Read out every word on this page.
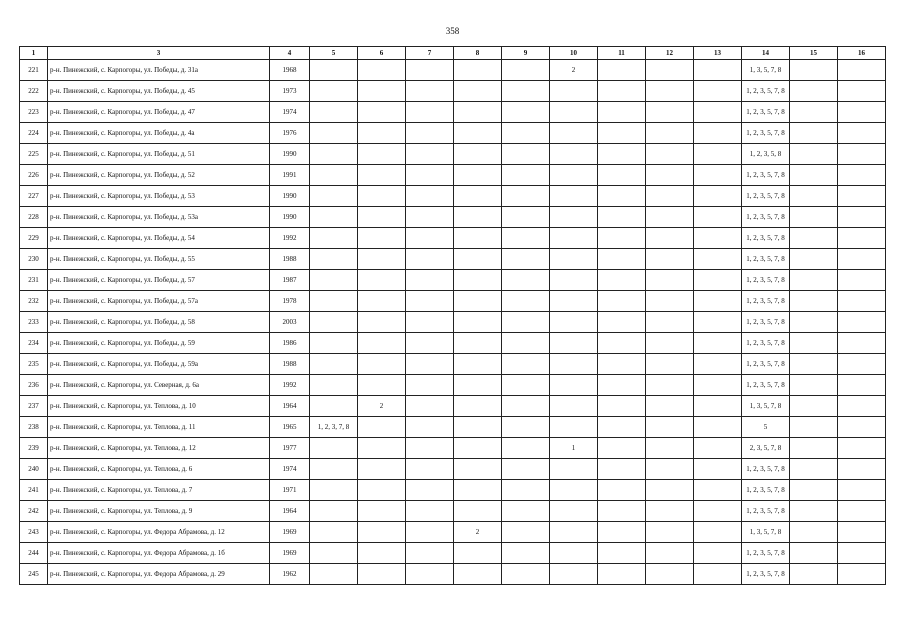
358
1	3	4	5	6	7	8	9	10	11	12	13	14	15	16
221	р-н. Пинежский, с. Карпогоры, ул. Победы, д. 31а	1968						2				1, 3, 5, 7, 8		
222	р-н. Пинежский, с. Карпогоры, ул. Победы, д. 45	1973										1, 2, 3, 5, 7, 8		
223	р-н. Пинежский, с. Карпогоры, ул. Победы, д. 47	1974										1, 2, 3, 5, 7, 8		
224	р-н. Пинежский, с. Карпогоры, ул. Победы, д. 4а	1976										1, 2, 3, 5, 7, 8		
225	р-н. Пинежский, с. Карпогоры, ул. Победы, д. 51	1990										1, 2, 3, 5, 8		
226	р-н. Пинежский, с. Карпогоры, ул. Победы, д. 52	1991										1, 2, 3, 5, 7, 8		
227	р-н. Пинежский, с. Карпогоры, ул. Победы, д. 53	1990										1, 2, 3, 5, 7, 8		
228	р-н. Пинежский, с. Карпогоры, ул. Победы, д. 53а	1990										1, 2, 3, 5, 7, 8		
229	р-н. Пинежский, с. Карпогоры, ул. Победы, д. 54	1992										1, 2, 3, 5, 7, 8		
230	р-н. Пинежский, с. Карпогоры, ул. Победы, д. 55	1988										1, 2, 3, 5, 7, 8		
231	р-н. Пинежский, с. Карпогоры, ул. Победы, д. 57	1987										1, 2, 3, 5, 7, 8		
232	р-н. Пинежский, с. Карпогоры, ул. Победы, д. 57а	1978										1, 2, 3, 5, 7, 8		
233	р-н. Пинежский, с. Карпогоры, ул. Победы, д. 58	2003										1, 2, 3, 5, 7, 8		
234	р-н. Пинежский, с. Карпогоры, ул. Победы, д. 59	1986										1, 2, 3, 5, 7, 8		
235	р-н. Пинежский, с. Карпогоры, ул. Победы, д. 59а	1988										1, 2, 3, 5, 7, 8		
236	р-н. Пинежский, с. Карпогоры, ул. Северная, д. 6а	1992										1, 2, 3, 5, 7, 8		
237	р-н. Пинежский, с. Карпогоры, ул. Теплова, д. 10	1964		2								1, 3, 5, 7, 8		
238	р-н. Пинежский, с. Карпогоры, ул. Теплова, д. 11	1965	1, 2, 3, 7, 8									5		
239	р-н. Пинежский, с. Карпогоры, ул. Теплова, д. 12	1977						1				2, 3, 5, 7, 8		
240	р-н. Пинежский, с. Карпогоры, ул. Теплова, д. 6	1974										1, 2, 3, 5, 7, 8		
241	р-н. Пинежский, с. Карпогоры, ул. Теплова, д. 7	1971										1, 2, 3, 5, 7, 8		
242	р-н. Пинежский, с. Карпогоры, ул. Теплова, д. 9	1964										1, 2, 3, 5, 7, 8		
243	р-н. Пинежский, с. Карпогоры, ул. Федора Абрамова, д. 12	1969				2						1, 3, 5, 7, 8		
244	р-н. Пинежский, с. Карпогоры, ул. Федора Абрамова, д. 1б	1969										1, 2, 3, 5, 7, 8		
245	р-н. Пинежский, с. Карпогоры, ул. Федора Абрамова, д. 29	1962										1, 2, 3, 5, 7, 8		
